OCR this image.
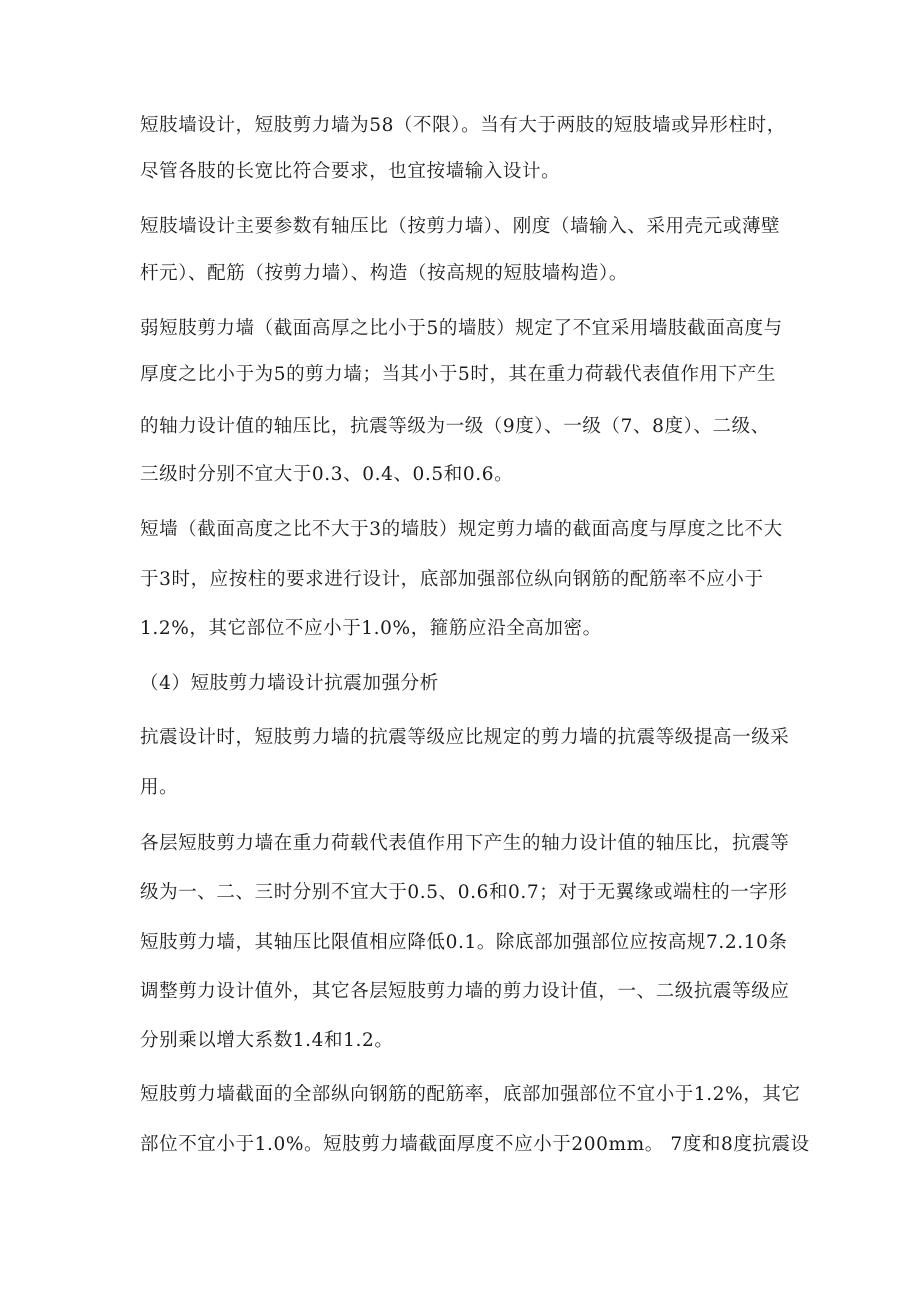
短肢墙设计，短肢剪力墙为58（不限）。当有大于两肢的短肢墙或异形柱时，
尽管各肢的长宽比符合要求，也宜按墙输入设计。
短肢墙设计主要参数有轴压比（按剪力墙）、刚度（墙输入、采用壳元或薄壁
杆元）、配筋（按剪力墙）、构造（按高规的短肢墙构造）。
弱短肢剪力墙（截面高厚之比小于5的墙肢）规定了不宜采用墙肢截面高度与
厚度之比小于为5的剪力墙；当其小于5时，其在重力荷载代表值作用下产生
的轴力设计值的轴压比，抗震等级为一级（9度）、一级（7、8度）、二级、
三级时分别不宜大于0.3、0.4、0.5和0.6。
短墙（截面高度之比不大于3的墙肢）规定剪力墙的截面高度与厚度之比不大
于3时，应按柱的要求进行设计，底部加强部位纵向钢筋的配筋率不应小于
1.2%，其它部位不应小于1.0%，箍筋应沿全高加密。
（4）短肢剪力墙设计抗震加强分析
抗震设计时，短肢剪力墙的抗震等级应比规定的剪力墙的抗震等级提高一级采
用。
各层短肢剪力墙在重力荷载代表值作用下产生的轴力设计值的轴压比，抗震等
级为一、二、三时分别不宜大于0.5、0.6和0.7；对于无翼缘或端柱的一字形
短肢剪力墙，其轴压比限值相应降低0.1。除底部加强部位应按高规7.2.10条
调整剪力设计值外，其它各层短肢剪力墙的剪力设计值，一、二级抗震等级应
分别乘以增大系数1.4和1.2。
短肢剪力墙截面的全部纵向钢筋的配筋率，底部加强部位不宜小于1.2%，其它
部位不宜小于1.0%。短肢剪力墙截面厚度不应小于200mm。 7度和8度抗震设
